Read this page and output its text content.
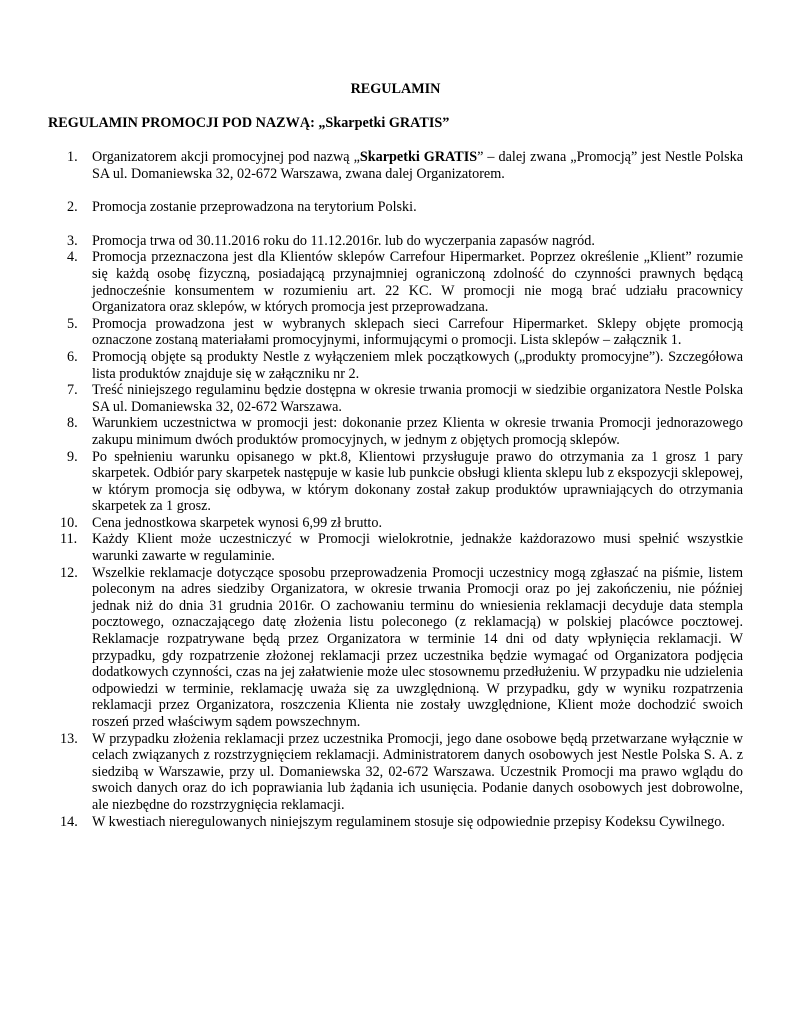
REGULAMIN
REGULAMIN PROMOCJI POD NAZWĄ: „Skarpetki GRATIS”
1.	Organizatorem akcji promocyjnej pod nazwą „Skarpetki GRATIS” – dalej zwana „Promocją” jest Nestle Polska SA ul. Domaniewska 32, 02-672 Warszawa, zwana dalej Organizatorem.
2.	Promocja zostanie przeprowadzona na terytorium Polski.
3.	Promocja trwa od 30.11.2016 roku do 11.12.2016r. lub do wyczerpania zapasów nagród.
4.	Promocja przeznaczona jest dla Klientów sklepów Carrefour Hipermarket. Poprzez określenie „Klient” rozumie się każdą osobę fizyczną, posiadającą przynajmniej ograniczoną zdolność do czynności prawnych będącą jednocześnie konsumentem w rozumieniu art. 22 KC. W promocji nie mogą brać udziału pracownicy Organizatora oraz sklepów, w których promocja jest przeprowadzana.
5.	Promocja prowadzona jest w wybranych sklepach sieci Carrefour Hipermarket. Sklepy objęte promocją oznaczone zostaną materiałami promocyjnymi, informującymi o promocji. Lista sklepów – załącznik 1.
6.	Promocją objęte są produkty Nestle z wyłączeniem mlek początkowych („produkty promocyjne”). Szczegółowa lista produktów znajduje się w załączniku nr 2.
7.	Treść niniejszego regulaminu będzie dostępna w okresie trwania promocji w siedzibie organizatora Nestle Polska SA ul. Domaniewska 32, 02-672 Warszawa.
8.	Warunkiem uczestnictwa w promocji jest: dokonanie przez Klienta w okresie trwania Promocji jednorazowego zakupu minimum dwóch produktów promocyjnych, w jednym z objętych promocją sklepów.
9.	Po spełnieniu warunku opisanego w pkt.8, Klientowi przysługuje prawo do otrzymania za 1 grosz 1 pary skarpetek. Odbiór pary skarpetek następuje w kasie lub punkcie obsługi klienta sklepu lub z ekspozycji sklepowej, w którym promocja się odbywa, w którym dokonany został zakup produktów uprawniających do otrzymania skarpetek za 1 grosz.
10.	Cena jednostkowa skarpetek wynosi 6,99 zł brutto.
11.	Każdy Klient może uczestniczyć w Promocji wielokrotnie, jednakże każdorazowo musi spełnić wszystkie warunki zawarte w regulaminie.
12.	Wszelkie reklamacje dotyczące sposobu przeprowadzenia Promocji uczestnicy mogą zgłaszać na piśmie, listem poleconym na adres siedziby Organizatora, w okresie trwania Promocji oraz po jej zakończeniu, nie później jednak niż do dnia 31 grudnia 2016r. O zachowaniu terminu do wniesienia reklamacji decyduje data stempla pocztowego, oznaczającego datę złożenia listu poleconego (z reklamacją) w polskiej placówce pocztowej. Reklamacje rozpatrywane będą przez Organizatora w terminie 14 dni od daty wpłynięcia reklamacji. W przypadku, gdy rozpatrzenie złożonej reklamacji przez uczestnika będzie wymagać od Organizatora podjęcia dodatkowych czynności, czas na jej załatwienie może ulec stosownemu przedłużeniu. W przypadku nie udzielenia odpowiedzi w terminie, reklamację uważa się za uwzględnioną. W przypadku, gdy w wyniku rozpatrzenia reklamacji przez Organizatora, roszczenia Klienta nie zostały uwzględnione, Klient może dochodzić swoich roszeń przed właściwym sądem powszechnym.
13.	W przypadku złożenia reklamacji przez uczestnika Promocji, jego dane osobowe będą przetwarzane wyłącznie w celach związanych z rozstrzygnięciem reklamacji. Administratorem danych osobowych jest Nestle Polska S. A. z siedzibą w Warszawie, przy ul. Domaniewska 32, 02-672 Warszawa. Uczestnik Promocji ma prawo wglądu do swoich danych oraz do ich poprawiania lub żądania ich usunięcia. Podanie danych osobowych jest dobrowolne, ale niezbędne do rozstrzygnięcia reklamacji.
14.	W kwestiach nieregulowanych niniejszym regulaminem stosuje się odpowiednie przepisy Kodeksu Cywilnego.
